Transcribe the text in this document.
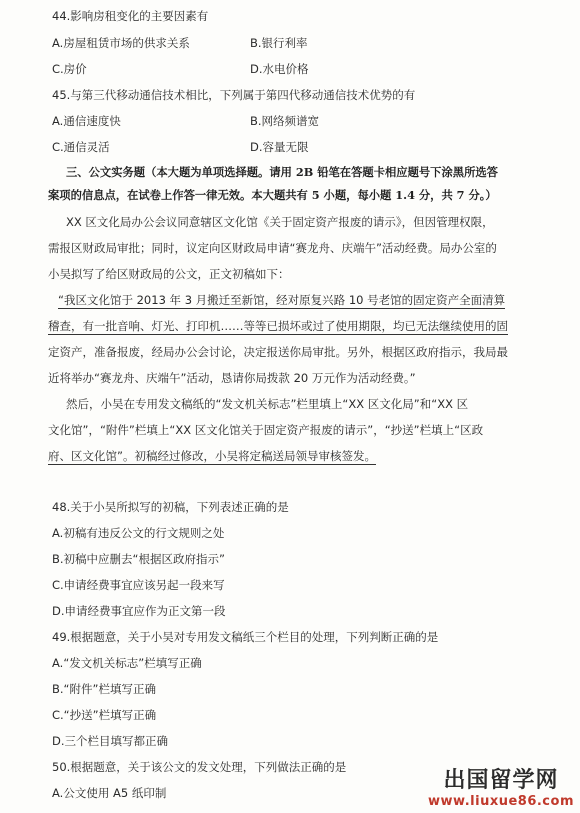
44.影响房租变化的主要因素有
A.房屋租赁市场的供求关系	B.银行利率
C.房价	D.水电价格
45.与第三代移动通信技术相比，下列属于第四代移动通信技术优势的有
A.通信速度快	B.网络频谱宽
C.通信灵活	D.容量无限
三、公文实务题（本大题为单项选择题。请用 2B 铅笔在答题卡相应题号下涂黑所选答
案项的信息点，在试卷上作答一律无效。本大题共有 5 小题，每小题 1.4 分，共 7 分。）
XX 区文化局办公会议同意辖区文化馆《关于固定资产报废的请示》，但因管理权限，
需报区财政局审批；同时，议定向区财政局申请“赛龙舟、庆端午”活动经费。局办公室的
小吴拟写了给区财政局的公文，正文初稿如下：
“我区文化馆于 2013 年 3 月搬迁至新馆，经对原复兴路 10 号老馆的固定资产全面清算
稽查，有一批音响、灯光、打印机……等等已损坏或过了使用期限，均已无法继续使用的固
定资产，准备报废，经局办公会讨论，决定报送你局审批。另外，根据区政府指示，我局最
近将举办“赛龙舟、庆端午”活动，恳请你局拨款 20 万元作为活动经费。”
然后，小吴在专用发文稿纸的“发文机关标志”栏里填上“XX 区文化局”和“XX 区
文化馆”，“附件”栏填上“XX 区文化馆关于固定资产报废的请示”，“抄送”栏填上“区政
府、区文化馆”。初稿经过修改，小吴将定稿送局领导审核签发。
48.关于小吴所拟写的初稿，下列表述正确的是
A.初稿有违反公文的行文规则之处
B.初稿中应删去“根据区政府指示”
C.申请经费事宜应该另起一段来写
D.申请经费事宜应作为正文第一段
49.根据题意，关于小吴对专用发文稿纸三个栏目的处理，下列判断正确的是
A.“发文机关标志”栏填写正确
B.“附件”栏填写正确
C.“抄送”栏填写正确
D.三个栏目填写都正确
50.根据题意，关于该公文的发文处理，下列做法正确的是
A.公文使用 A5 纸印制	出国留学网
www.liuxue86.com
